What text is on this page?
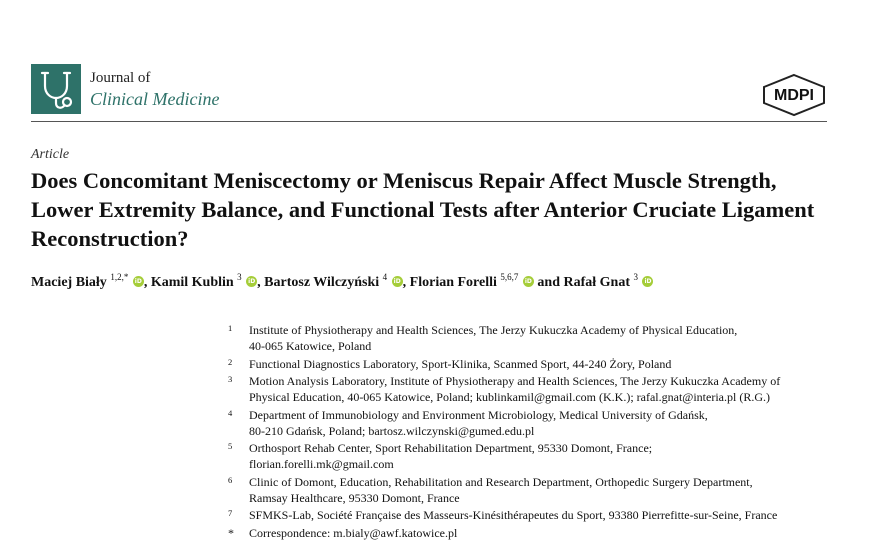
Journal of
Clinical Medicine	MDPI
Article
Does Concomitant Meniscectomy or Meniscus Repair Affect Muscle Strength, Lower Extremity Balance, and Functional Tests after Anterior Cruciate Ligament Reconstruction?
Maciej Biały $^{1,2,*}$ iD , Kamil Kublin $^3$ iD , Bartosz Wilczyński $^4$ iD , Florian Forelli $^{5,6,7}$ iD and Rafał Gnat $^3$ iD
1 Institute of Physiotherapy and Health Sciences, The Jerzy Kukuczka Academy of Physical Education,
40-065 Katowice, Poland
2 Functional Diagnostics Laboratory, Sport-Klinika, Scanmed Sport, 44-240 Żory, Poland
3 Motion Analysis Laboratory, Institute of Physiotherapy and Health Sciences, The Jerzy Kukuczka Academy of
Physical Education, 40-065 Katowice, Poland; kublinkamil@gmail.com (K.K.); rafal.gnat@interia.pl (R.G.)
4 Department of Immunobiology and Environment Microbiology, Medical University of Gdańsk,
80-210 Gdańsk, Poland; bartosz.wilczynski@gumed.edu.pl
5 Orthosport Rehab Center, Sport Rehabilitation Department, 95330 Domont, France;
florian.forelli.mk@gmail.com
6 Clinic of Domont, Education, Rehabilitation and Research Department, Orthopedic Surgery Department,
Ramsay Healthcare, 95330 Domont, France
7 SFMKS-Lab, Société Française des Masseurs-Kinésithérapeutes du Sport, 93380 Pierrefitte-sur-Seine, France
* Correspondence: m.bialy@awf.katowice.pl
